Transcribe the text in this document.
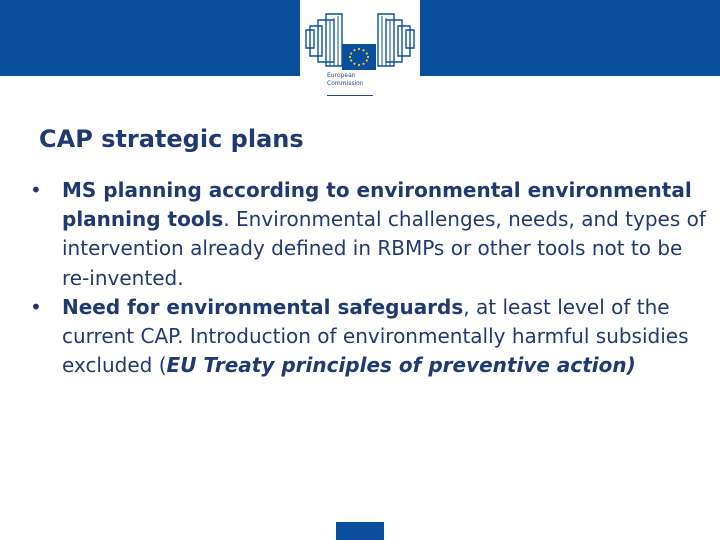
European
Commission
CAP strategic plans
• MS planning according to environmental environmental planning tools. Environmental challenges, needs, and types of intervention already defined in RBMPs or other tools not to be re-invented.
• Need for environmental safeguards, at least level of the current CAP. Introduction of environmentally harmful subsidies excluded (EU Treaty principles of preventive action)
